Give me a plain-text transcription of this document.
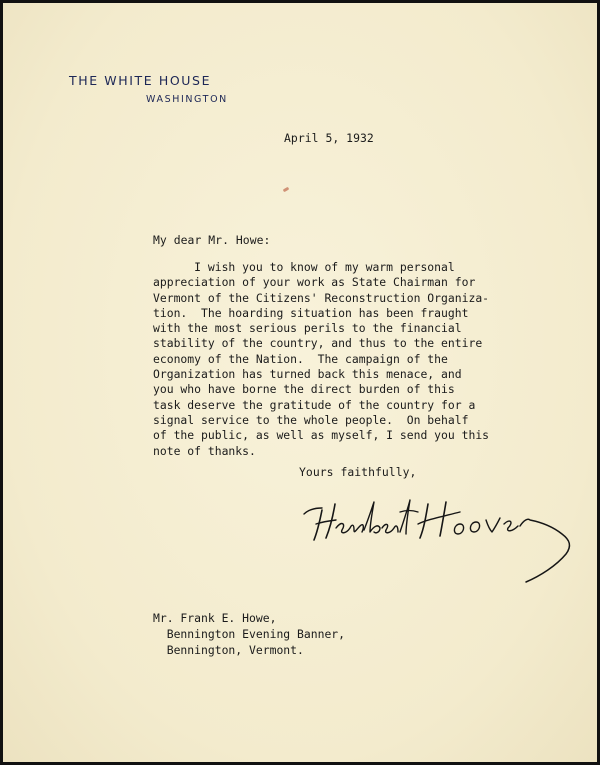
THE WHITE HOUSE
WASHINGTON
April 5, 1932
My dear Mr. Howe:
I wish you to know of my warm personal
appreciation of your work as State Chairman for
Vermont of the Citizens' Reconstruction Organiza-
tion.  The hoarding situation has been fraught
with the most serious perils to the financial
stability of the country, and thus to the entire
economy of the Nation.  The campaign of the
Organization has turned back this menace, and
you who have borne the direct burden of this
task deserve the gratitude of the country for a
signal service to the whole people.  On behalf
of the public, as well as myself, I send you this
note of thanks.
Yours faithfully,
Mr. Frank E. Howe,
Bennington Evening Banner,
Bennington, Vermont.
